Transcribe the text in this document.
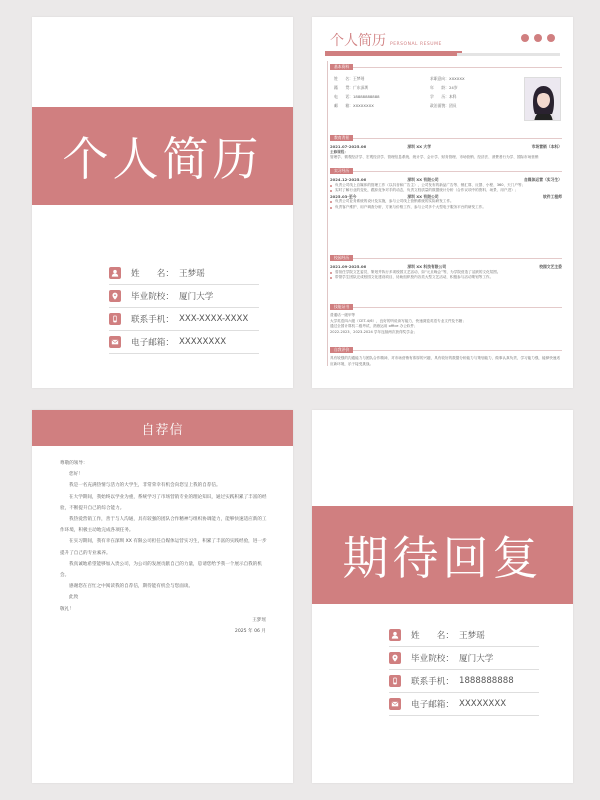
个人简历
姓　　名： 王梦瑶
毕业院校： 厦门大学
联系手机： XXX-XXXX-XXXX
电子邮箱： XXXXXXXX
个人简历 PERSONAL RESUME
基本资料
姓　　名：王梦瑶	求职意向：XXXXXX
籍　　贯：广东深圳	年　　龄：24岁
电　　话：18888888888	学　　历：本科
邮　　箱：XXXXXXXX	政治面貌：团员
教育背景
2021.07-2025.06	深圳 XX 大学	市场营销（本科）
主修课程：
管理学、微观经济学、宏观经济学、管理信息系统、统计学、会计学、财务管理、市场营销、经济法、消费者行为学、国际市场营销
实习经历
2024.12-2025.06	深圳 XX 有限公司	自媒体运营（实习生）
负责公司线上自媒体的管理工作（以抖音和广告主），公司发布的新品广告等、销汇算、反馈、小程、360、天门户等；
实时了解行业的变化，跟踪竞争对手的动态，负责文档质量的数据统计分析（合作议项中的资料、场景、用户进）；
2025.03-至今	深圳 XX 有限公司	软件工程师
负责公司业务系统的设计及实施，参与公司线上营销系统的实际研发工作。
负责客户维护、用户调查分析，方案与价格工作，参与公司多个大型电子服务平台的研发工作。
校园经历
2021.09-2025.06	深圳 XX 科技有限公司	校园文艺主委
曾担任学院文艺委员，策划并执行多项校园文艺活动，如“元旦晚会”等，为学院营造了活跃的文化氛围。
带领学生团队完成校园文化建设项目，协助组织校内各类大型文艺活动，积极参与活动策划等工作。
技能证书
普通话一级甲等
大学英语四六级（CET-4/6），良好的听说读写能力，快速浏览英语专业文件及书籍；
通过全国计算机二级考试，熟练运用 office 办公软件；
2022-2023、2023-2024 学年连续两次获得奖学金；
自我评价
具有较强的沟通能力与团队合作精神，对市场营销有浓厚的兴趣，具有较好的数据分析能力与策划能力，做事认真负责，学习能力强，能够快速适应新环境，乐于接受挑战。
自荐信

尊敬的领导：

您好！

我是一名充满热情与活力的大学生，非常荣幸有机会向您呈上我的自荐信。

在大学期间，我始终以学业为重，系统学习了市场营销专业的理论知识，通过实践积累了丰富的经验，不断提升自己的综合能力。

我热爱营销工作，善于与人沟通，具有较强的团队合作精神与组织协调能力，能够快速适应新的工作环境，积极主动地完成各项任务。

在实习期间，我有幸在深圳 XX 有限公司担任自媒体运营实习生，积累了丰富的实践经验，进一步提升了自己的专业素养。

我真诚地希望能够加入贵公司，为公司的发展贡献自己的力量，恳请您给予我一个展示自我的机会。

感谢您在百忙之中阅读我的自荐信，期待能有机会与您面谈。

此致

敬礼！

王梦瑶

2025 年 06 月

期待回复
姓　　名： 王梦瑶
毕业院校： 厦门大学
联系手机： 1888888888
电子邮箱： XXXXXXXX
